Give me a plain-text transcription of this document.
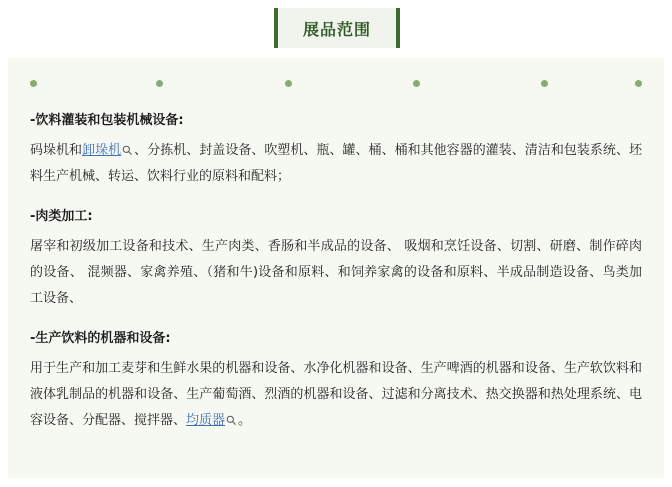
展品范围
-饮料灌装和包装机械设备:
码垛机和卸垛机 、分拣机、封盖设备、吹塑机、瓶、罐、桶、桶和其他容器的灌装、清洁和包装系统、坯料生产机械、转运、饮料行业的原料和配料；
-肉类加工:
屠宰和初级加工设备和技术、生产肉类、香肠和半成品的设备、 吸烟和烹饪设备、切割、研磨、制作碎肉的设备、 混频器、家禽养殖、（猪和牛)设备和原料、和饲养家禽的设备和原料、半成品制造设备、鸟类加工设备、
-生产饮料的机器和设备:
用于生产和加工麦芽和生鲜水果的机器和设备、水净化机器和设备、生产啤酒的机器和设备、生产软饮料和液体乳制品的机器和设备、生产葡萄酒、烈酒的机器和设备、过滤和分离技术、热交换器和热处理系统、电容设备、分配器、搅拌器、均质器 。
